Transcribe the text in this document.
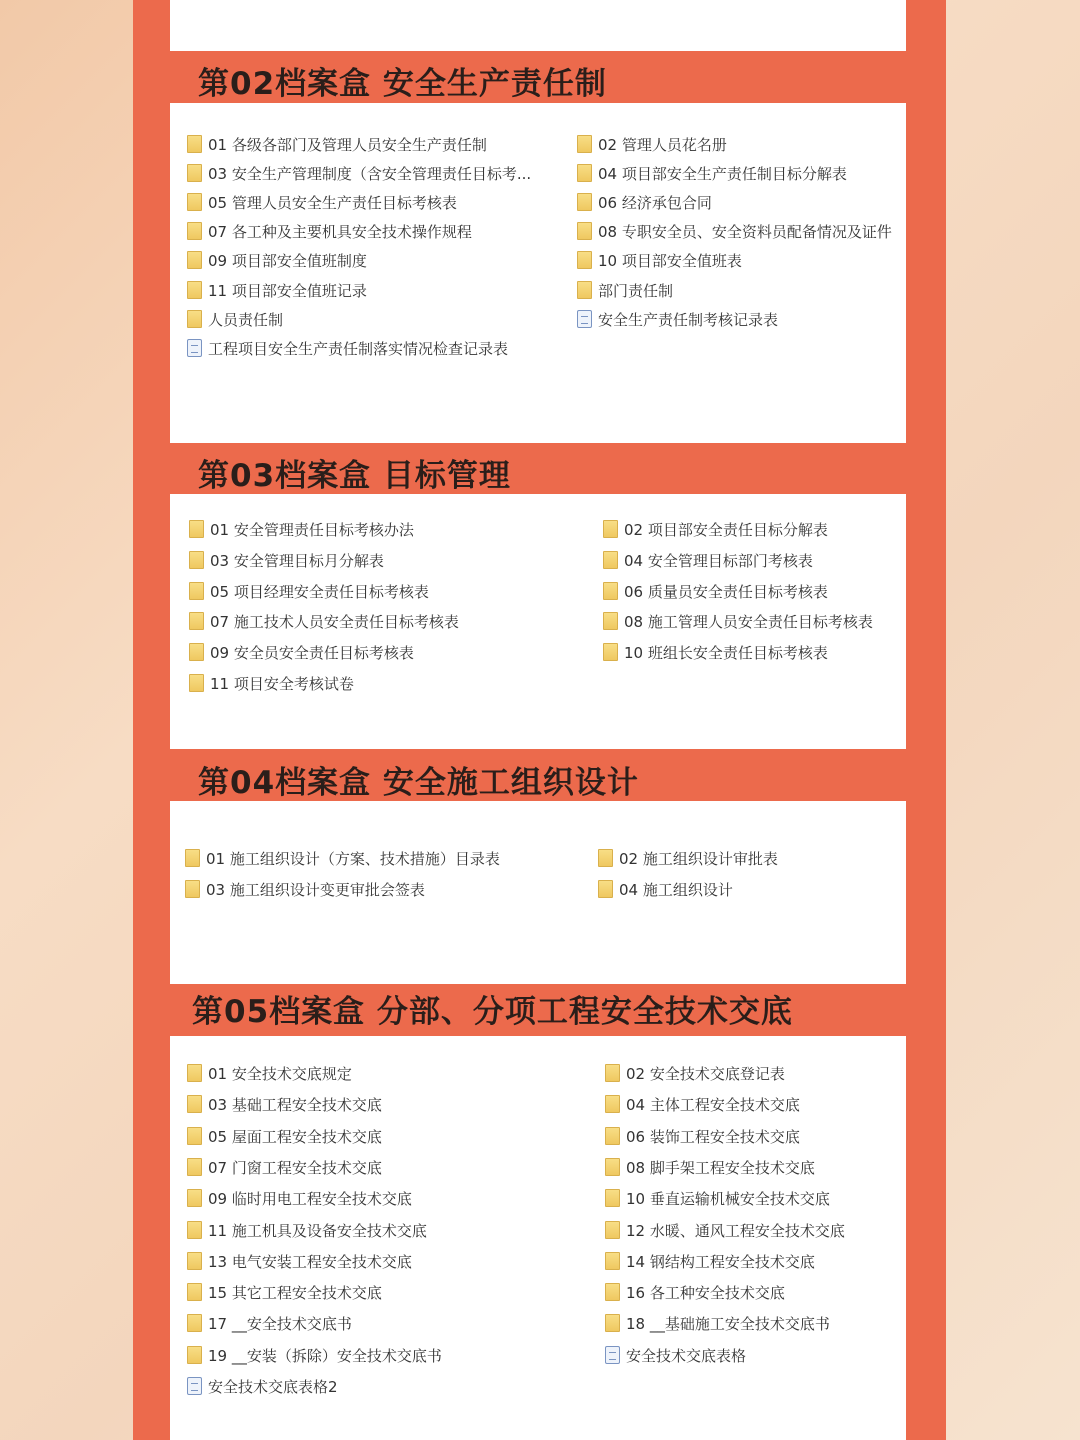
第02档案盒 安全生产责任制
01 各级各部门及管理人员安全生产责任制	02 管理人员花名册
03 安全生产管理制度（含安全管理责任目标考...	04 项目部安全生产责任制目标分解表
05 管理人员安全生产责任目标考核表	06 经济承包合同
07 各工种及主要机具安全技术操作规程	08 专职安全员、安全资料员配备情况及证件
09 项目部安全值班制度	10 项目部安全值班表
11 项目部安全值班记录	部门责任制
人员责任制	安全生产责任制考核记录表
工程项目安全生产责任制落实情况检查记录表
第03档案盒 目标管理
01 安全管理责任目标考核办法	02 项目部安全责任目标分解表
03 安全管理目标月分解表	04 安全管理目标部门考核表
05 项目经理安全责任目标考核表	06 质量员安全责任目标考核表
07 施工技术人员安全责任目标考核表	08 施工管理人员安全责任目标考核表
09 安全员安全责任目标考核表	10 班组长安全责任目标考核表
11 项目安全考核试卷
第04档案盒 安全施工组织设计
01 施工组织设计（方案、技术措施）目录表	02 施工组织设计审批表
03 施工组织设计变更审批会签表	04 施工组织设计
第05档案盒 分部、分项工程安全技术交底
01 安全技术交底规定	02 安全技术交底登记表
03 基础工程安全技术交底	04 主体工程安全技术交底
05 屋面工程安全技术交底	06 装饰工程安全技术交底
07 门窗工程安全技术交底	08 脚手架工程安全技术交底
09 临时用电工程安全技术交底	10 垂直运输机械安全技术交底
11 施工机具及设备安全技术交底	12 水暖、通风工程安全技术交底
13 电气安装工程安全技术交底	14 钢结构工程安全技术交底
15 其它工程安全技术交底	16 各工种安全技术交底
17 __安全技术交底书	18 __基础施工安全技术交底书
19 __安装（拆除）安全技术交底书	安全技术交底表格
安全技术交底表格2
